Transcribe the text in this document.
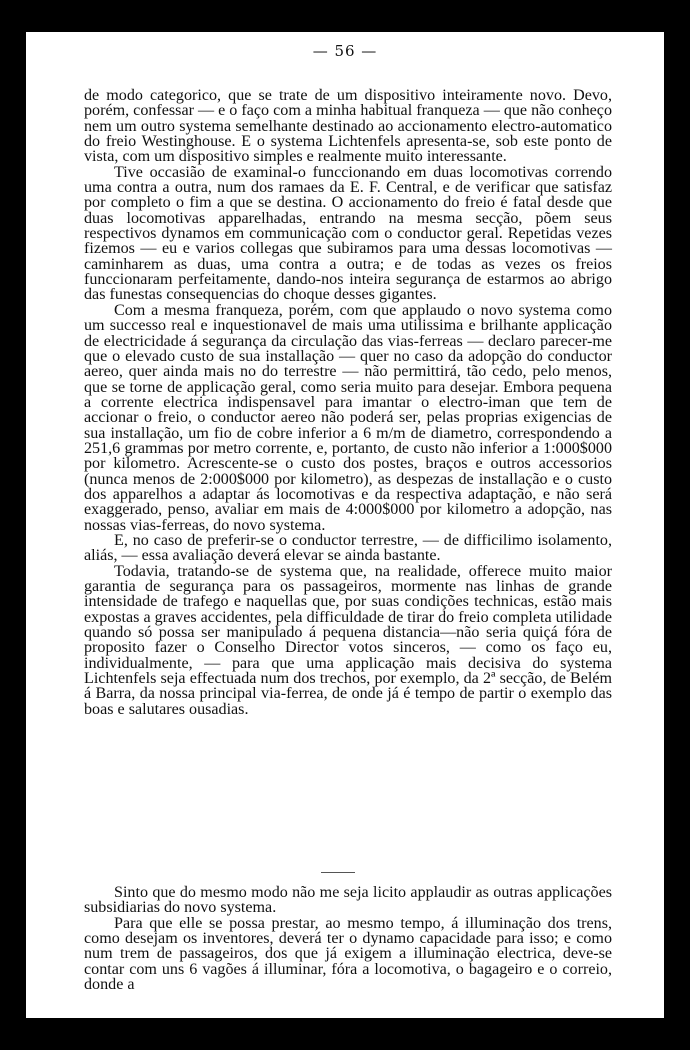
— 56 —

de modo categorico, que se trate de um dispositivo inteiramente novo. Devo, porém, confessar — e o faço com a minha habitual franqueza — que não conheço nem um outro systema semelhante destinado ao accionamento electro-automatico do freio Westinghouse. E o systema Lichtenfels apresenta-se, sob este ponto de vista, com um dispositivo simples e realmente muito interessante.

Tive occasião de examinal-o funccionando em duas locomotivas correndo uma contra a outra, num dos ramaes da E. F. Central, e de verificar que satisfaz por completo o fim a que se destina. O accionamento do freio é fatal desde que duas locomotivas apparelhadas, entrando na mesma secção, põem seus respectivos dynamos em communicação com o conductor geral. Repetidas vezes fizemos — eu e varios collegas que subiramos para uma dessas locomotivas — caminharem as duas, uma contra a outra; e de todas as vezes os freios funccionaram perfeitamente, dando-nos inteira segurança de estarmos ao abrigo das funestas consequencias do choque desses gigantes.

Com a mesma franqueza, porém, com que applaudo o novo systema como um successo real e inquestionavel de mais uma utilissima e brilhante applicação de electricidade á segurança da circulação das vias-ferreas — declaro parecer-me que o elevado custo de sua installação — quer no caso da adopção do conductor aereo, quer ainda mais no do terrestre — não permittirá, tão cedo, pelo menos, que se torne de applicação geral, como seria muito para desejar. Embora pequena a corrente electrica indispensavel para imantar o electro-iman que tem de accionar o freio, o conductor aereo não poderá ser, pelas proprias exigencias de sua installação, um fio de cobre inferior a 6 m/m de diametro, correspondendo a 251,6 grammas por metro corrente, e, portanto, de custo não inferior a 1:000$000 por kilometro. Acrescente-se o custo dos postes, braços e outros accessorios (nunca menos de 2:000$000 por kilometro), as despezas de installação e o custo dos apparelhos a adaptar ás locomotivas e da respectiva adaptação, e não será exaggerado, penso, avaliar em mais de 4:000$000 por kilometro a adopção, nas nossas vias-ferreas, do novo systema.

E, no caso de preferir-se o conductor terrestre, — de difficilimo isolamento, aliás, — essa avaliação deverá elevar se ainda bastante.

Todavia, tratando-se de systema que, na realidade, offerece muito maior garantia de segurança para os passageiros, mormente nas linhas de grande intensidade de trafego e naquellas que, por suas condições technicas, estão mais expostas a graves accidentes, pela difficuldade de tirar do freio completa utilidade quando só possa ser manipulado á pequena distancia—não seria quiçá fóra de proposito fazer o Conselho Director votos sinceros, — como os faço eu, individualmente, — para que uma applicação mais decisiva do systema Lichtenfels seja effectuada num dos trechos, por exemplo, da 2ª secção, de Belém á Barra, da nossa principal via-ferrea, de onde já é tempo de partir o exemplo das boas e salutares ousadias.

Sinto que do mesmo modo não me seja licito applaudir as outras applicações subsidiarias do novo systema.

Para que elle se possa prestar, ao mesmo tempo, á illuminação dos trens, como desejam os inventores, deverá ter o dynamo capacidade para isso; e como num trem de passageiros, dos que já exigem a illuminação electrica, deve-se contar com uns 6 vagões á illuminar, fóra a locomotiva, o bagageiro e o correio, donde a
